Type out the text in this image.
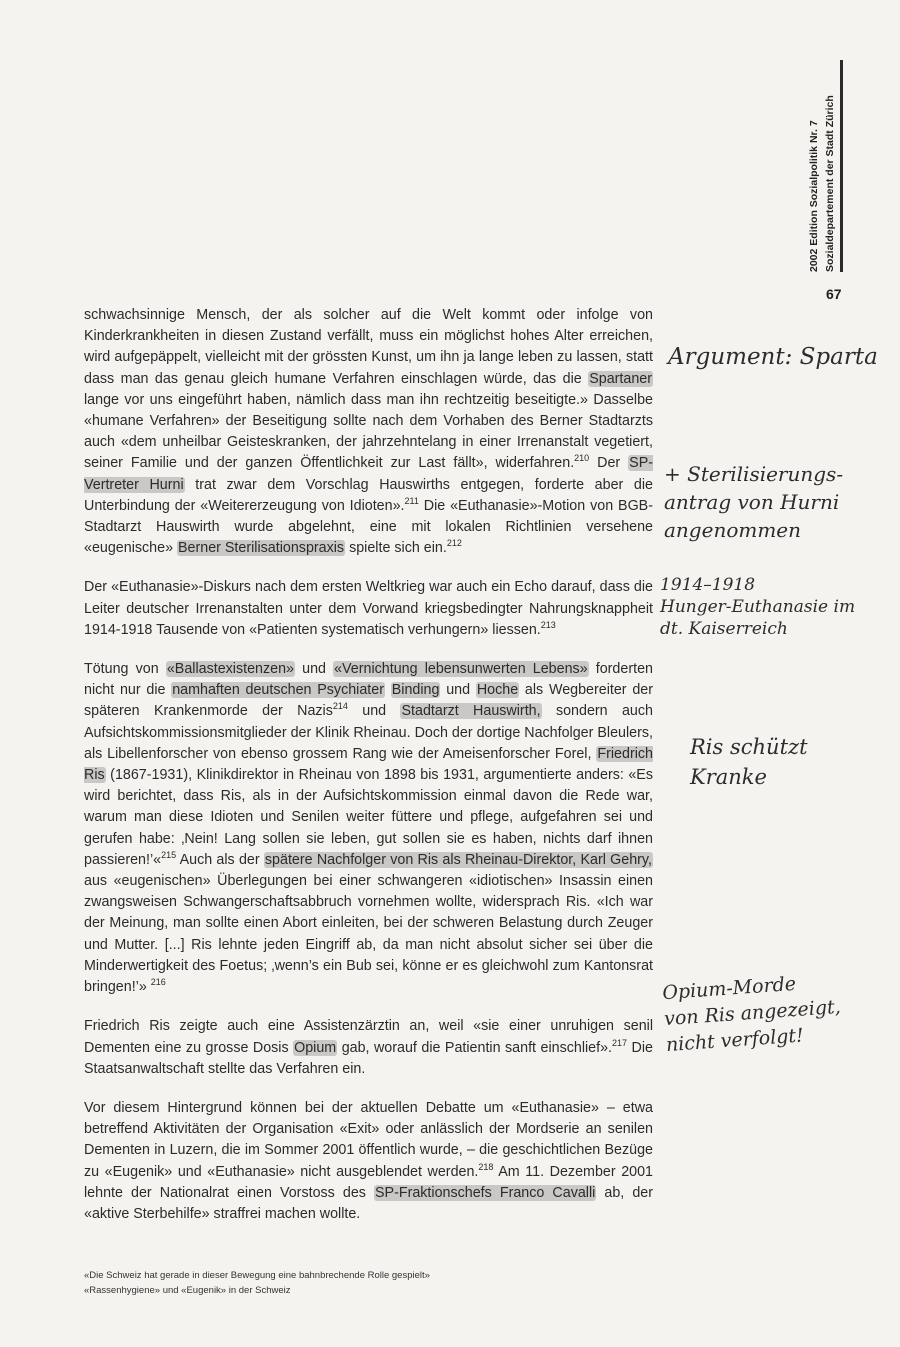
2002 Edition Sozialpolitik Nr. 7 Sozialdepartement der Stadt Zürich
67

schwachsinnige Mensch, der als solcher auf die Welt kommt oder infolge von Kinderkrankheiten in diesen Zustand verfällt, muss ein möglichst hohes Alter erreichen, wird aufgepäppelt, vielleicht mit der grössten Kunst, um ihn ja lange leben zu lassen, statt dass man das genau gleich humane Verfahren einschlagen würde, das die Spartaner lange vor uns eingeführt haben, nämlich dass man ihn rechtzeitig beseitigte.» Dasselbe «humane Verfahren» der Beseitigung sollte nach dem Vorhaben des Berner Stadtarzts auch «dem unheilbar Geisteskranken, der jahrzehntelang in einer Irrenanstalt vegetiert, seiner Familie und der ganzen Öffentlichkeit zur Last fällt», widerfahren.$^{210}$ Der SP-Vertreter Hurni trat zwar dem Vorschlag Hauswirths entgegen, forderte aber die Unterbindung der «Weitererzeugung von Idioten».$^{211}$ Die «Euthanasie»-Motion von BGB-Stadtarzt Hauswirth wurde abgelehnt, eine mit lokalen Richtlinien versehene «eugenische» Berner Sterilisationspraxis spielte sich ein.$^{212}$

Der «Euthanasie»-Diskurs nach dem ersten Weltkrieg war auch ein Echo darauf, dass die Leiter deutscher Irrenanstalten unter dem Vorwand kriegsbedingter Nahrungsknappheit 1914-1918 Tausende von «Patienten systematisch verhungern» liessen.$^{213}$

Tötung von «Ballastexistenzen» und «Vernichtung lebensunwerten Lebens» forderten nicht nur die namhaften deutschen Psychiater Binding und Hoche als Wegbereiter der späteren Krankenmorde der Nazis$^{214}$ und Stadtarzt Hauswirth, sondern auch Aufsichtskommissionsmitglieder der Klinik Rheinau. Doch der dortige Nachfolger Bleulers, als Libellenforscher von ebenso grossem Rang wie der Ameisenforscher Forel, Friedrich Ris (1867-1931), Klinikdirektor in Rheinau von 1898 bis 1931, argumentierte anders: «Es wird berichtet, dass Ris, als in der Aufsichtskommission einmal davon die Rede war, warum man diese Idioten und Senilen weiter füttere und pflege, aufgefahren sei und gerufen habe: ‚Nein! Lang sollen sie leben, gut sollen sie es haben, nichts darf ihnen passieren!’«$^{215}$ Auch als der spätere Nachfolger von Ris als Rheinau-Direktor, Karl Gehry, aus «eugenischen» Überlegungen bei einer schwangeren «idiotischen» Insassin einen zwangsweisen Schwangerschaftsabbruch vornehmen wollte, widersprach Ris. «Ich war der Meinung, man sollte einen Abort einleiten, bei der schweren Belastung durch Zeuger und Mutter. [...] Ris lehnte jeden Eingriff ab, da man nicht absolut sicher sei über die Minderwertigkeit des Foetus; ‚wenn’s ein Bub sei, könne er es gleichwohl zum Kantonsrat bringen!’» $^{216}$

Friedrich Ris zeigte auch eine Assistenzärztin an, weil «sie einer unruhigen senil Dementen eine zu grosse Dosis Opium gab, worauf die Patientin sanft einschlief».$^{217}$ Die Staatsanwaltschaft stellte das Verfahren ein.

Vor diesem Hintergrund können bei der aktuellen Debatte um «Euthanasie» – etwa betreffend Aktivitäten der Organisation «Exit» oder anlässlich der Mordserie an senilen Dementen in Luzern, die im Sommer 2001 öffentlich wurde, – die geschichtlichen Bezüge zu «Eugenik» und «Euthanasie» nicht ausgeblendet werden.$^{218}$ Am 11. Dezember 2001 lehnte der Nationalrat einen Vorstoss des SP-Fraktionschefs Franco Cavalli ab, der «aktive Sterbehilfe» straffrei machen wollte.

Argument: Sparta
+ Sterilisierungs-
antrag von Hurni
angenommen
1914–1918
Hunger-Euthanasie im
dt. Kaiserreich
Ris schützt
Kranke
Opium-Morde
von Ris angezeigt,
nicht verfolgt!
«Die Schweiz hat gerade in dieser Bewegung eine bahnbrechende Rolle gespielt»
«Rassenhygiene» und «Eugenik» in der Schweiz
